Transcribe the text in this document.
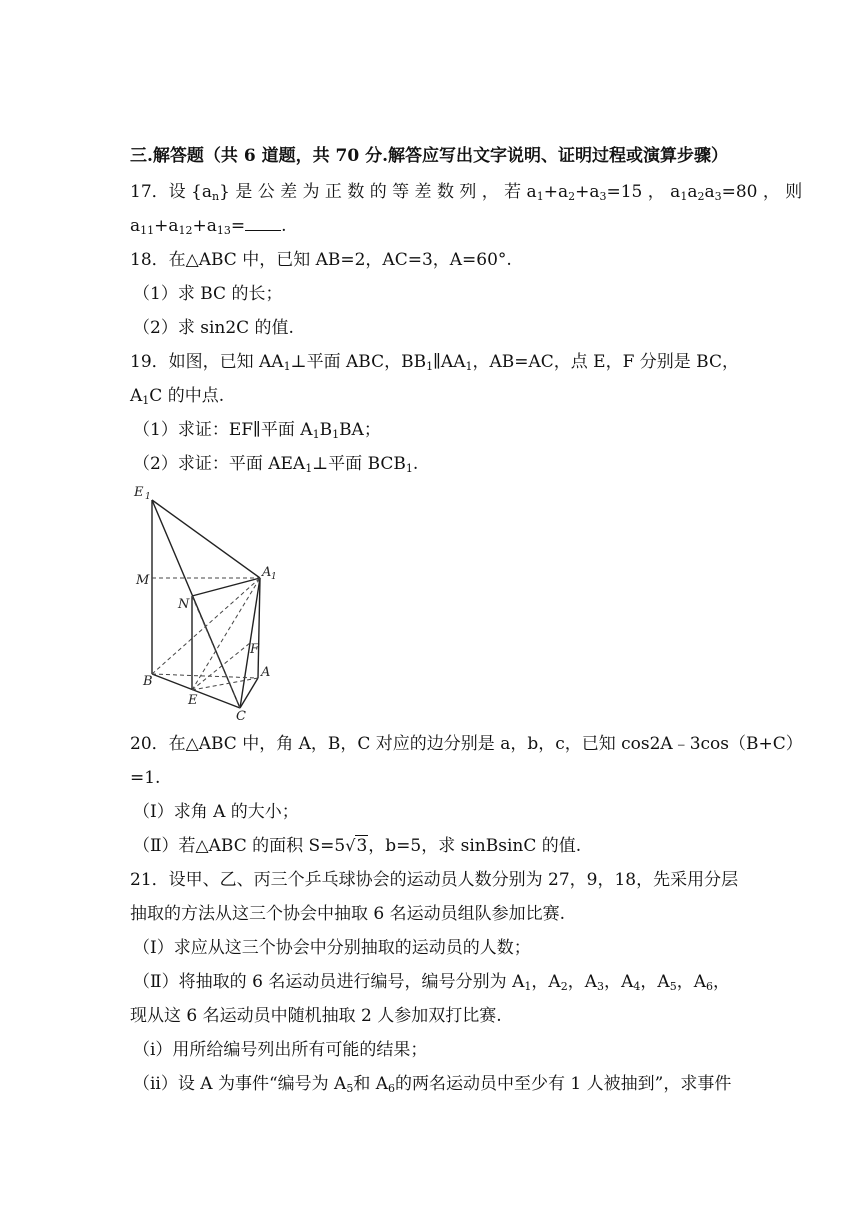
三.解答题（共 6 道题，共 70 分.解答应写出文字说明、证明过程或演算步骤）
17．设 $\{a_n\}$ 是 公 差 为 正 数 的 等 差 数 列 ， 若 $a_1+a_2+a_3=15$ ， $a_1a_2a_3=80$ ， 则
$a_{11}+a_{12}+a_{13}=$ .
18．在△ABC 中，已知 AB=2，AC=3，A=60°.
（1）求 BC 的长；
（2）求 sin2C 的值.
19．如图，已知 $AA_1\perp$平面 ABC，$BB_1\parallel AA_1$，AB=AC，点 E，F 分别是 BC，
$A_1C$ 的中点.
（1）求证：EF∥平面 $A_1B_1BA$；
（2）求证：平面 $AEA_1\perp$平面 $BCB_1$.
E 1
M
N
A 1
F
A
B
E
C
20．在△ABC 中，角 A，B，C 对应的边分别是 a，b，c，已知 cos2A﹣3cos（B+C）
=1.
（Ⅰ）求角 A 的大小；
（Ⅱ）若△ABC 的面积 S=5√3，b=5，求 sinBsinC 的值.
21．设甲、乙、丙三个乒乓球协会的运动员人数分别为 27，9，18，先采用分层
抽取的方法从这三个协会中抽取 6 名运动员组队参加比赛.
（Ⅰ）求应从这三个协会中分别抽取的运动员的人数；
（Ⅱ）将抽取的 6 名运动员进行编号，编号分别为 $A_1$，$A_2$，$A_3$，$A_4$，$A_5$，$A_6$，
现从这 6 名运动员中随机抽取 2 人参加双打比赛.
（i）用所给编号列出所有可能的结果；
（ii）设 A 为事件“编号为 $A_5$和 $A_6$的两名运动员中至少有 1 人被抽到”，求事件
